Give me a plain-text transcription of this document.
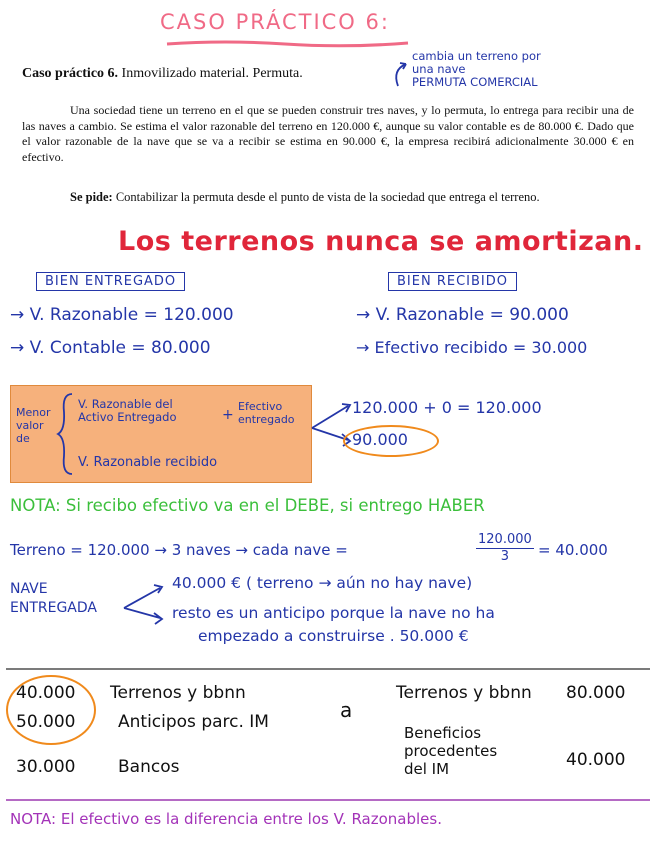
CASO PRÁCTICO 6:
Caso práctico 6. Inmovilizado material. Permuta.
cambia un terreno por
una nave
PERMUTA COMERCIAL
Una sociedad tiene un terreno en el que se pueden construir tres naves, y lo permuta, lo entrega para recibir una de las naves a cambio. Se estima el valor razonable del terreno en 120.000 €, aunque su valor contable es de 80.000 €. Dado que el valor razonable de la nave que se va a recibir se estima en 90.000 €, la empresa recibirá adicionalmente 30.000 € en efectivo.
Se pide: Contabilizar la permuta desde el punto de vista de la sociedad que entrega el terreno.
Los terrenos nunca se amortizan.
BIEN ENTREGADO	BIEN RECIBIDO
→ V. Razonable = 120.000
→ V. Contable = 80.000
→ V. Razonable = 90.000
→ Efectivo recibido = 30.000
Menor
valor
de
V. Razonable del
Activo Entregado	+
Efectivo
entregado
V. Razonable recibido
120.000 + 0 = 120.000
90.000
NOTA: Si recibo efectivo va en el DEBE, si entrego HABER
Terreno = 120.000 → 3 naves → cada nave =	$\frac{120.000}{3} = 40.000$
NAVE
ENTREGADA
40.000 € ( terreno → aún no hay nave)
resto es un anticipo porque la nave no ha
empezado a construirse . 50.000 €
40.000 Terrenos y bbnn
50.000	Anticipos parc. IM
30.000	Bancos
a
Terrenos y bbnn 80.000
Beneficios
procedentes
del IM	40.000
NOTA: El efectivo es la diferencia entre los V. Razonables.
